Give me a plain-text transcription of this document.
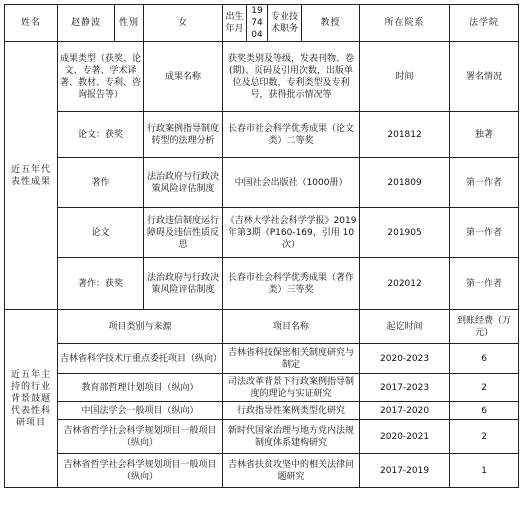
姓名	赵静波	性别	女	出生年月	1974 04	专业技术职务	教授	所在院系	法学院
近五年代表性成果	成果类型（获奖、论文、专著、学术译著、教材、专利、咨询报告等）		成果名称	获奖类别及等级，发表刊物、卷(期)、页码及引用次数，出版单位及总印数，专利类型及专利号，获得批示情况等				时间	署名情况
	论文：获奖		行政案例指导制度转型的法理分析	长春市社会科学优秀成果（论文类）二等奖				201812	独著
	著作		法治政府与行政决策风险评估制度	中国社会出版社（1000册）				201809	第一作者
	论文		行政违信制度运行障碍及违信性质反思	《吉林大学社会科学学报》2019 年第3期（P160-169，引用 10次）				201905	第一作者
	著作：获奖		法治政府与行政决策风险评估制度	长春市社会科学优秀成果（著作类）三等奖				202012	第一作者
近五年主持的行业背景鼓题代表性科研项目	项目类别与来源			项目名称				起讫时间	到账经费（万元）
	吉林省科学技术厅重点委托项目（纵向）			吉林省科技保密相关制度研究与制定				2020-2023	6
	教育部哲理计划项目（纵向）			司法改革背景下行政案例指导制度的理论与实证研究				2017-2023	2
	中国法学会一般项目（纵向）			行政指导性案例类型化研究				2017-2020	6
	吉林省哲学社会科学规划项目一般项目（纵向）			新时代国家治理与地方党内法规制度体系建构研究				2020-2021	2
	吉林省哲学社会科学规划项目一般项目（纵向）			吉林省扶贫攻坚中的相关法律问题研究				2017-2019	1
